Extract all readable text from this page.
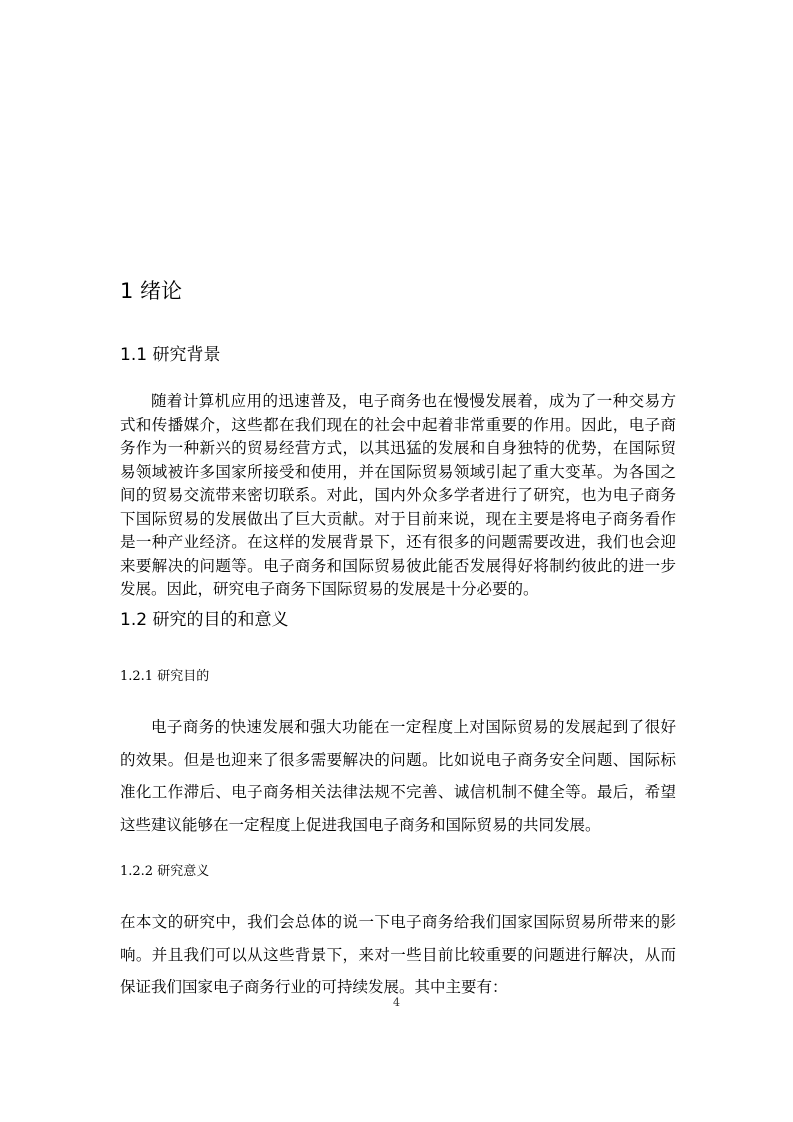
1 绪论
1.1 研究背景

随着计算机应用的迅速普及，电子商务也在慢慢发展着，成为了一种交易方式和传播媒介，这些都在我们现在的社会中起着非常重要的作用。因此，电子商务作为一种新兴的贸易经营方式，以其迅猛的发展和自身独特的优势，在国际贸易领域被许多国家所接受和使用，并在国际贸易领域引起了重大变革。为各国之间的贸易交流带来密切联系。对此，国内外众多学者进行了研究，也为电子商务下国际贸易的发展做出了巨大贡献。对于目前来说，现在主要是将电子商务看作是一种产业经济。在这样的发展背景下，还有很多的问题需要改进，我们也会迎来要解决的问题等。电子商务和国际贸易彼此能否发展得好将制约彼此的进一步发展。因此，研究电子商务下国际贸易的发展是十分必要的。

1.2 研究的目的和意义
1.2.1 研究目的

电子商务的快速发展和强大功能在一定程度上对国际贸易的发展起到了很好的效果。但是也迎来了很多需要解决的问题。比如说电子商务安全问题、国际标准化工作滞后、电子商务相关法律法规不完善、诚信机制不健全等。最后，希望这些建议能够在一定程度上促进我国电子商务和国际贸易的共同发展。

1.2.2 研究意义

在本文的研究中，我们会总体的说一下电子商务给我们国家国际贸易所带来的影响。并且我们可以从这些背景下，来对一些目前比较重要的问题进行解决，从而保证我们国家电子商务行业的可持续发展。其中主要有：

4
